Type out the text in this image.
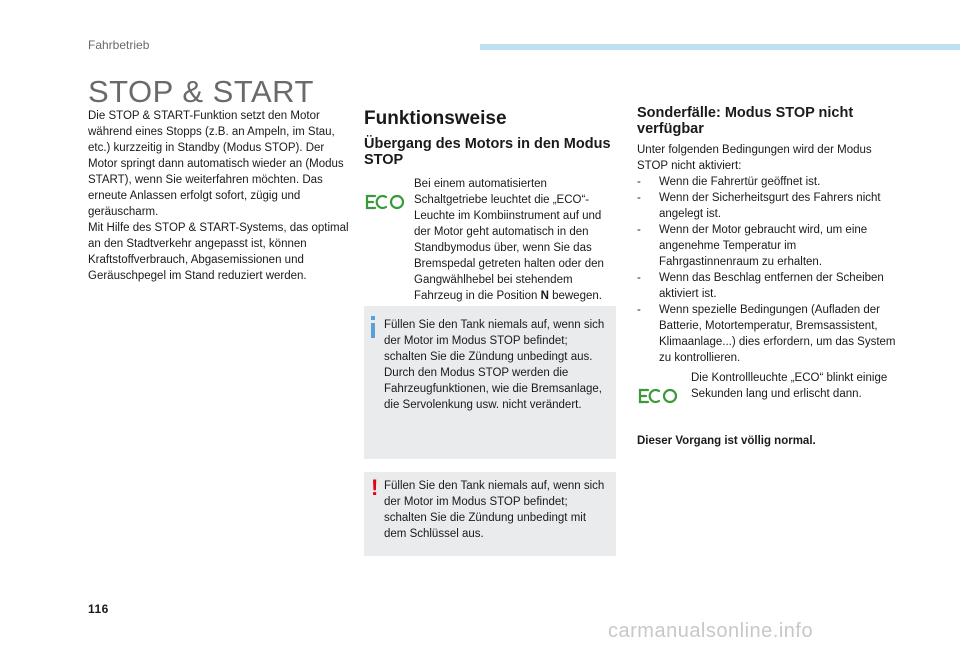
Fahrbetrieb
STOP & START

Die STOP & START-Funktion setzt den Motor während eines Stopps (z.B. an Ampeln, im Stau, etc.) kurzzeitig in Standby (Modus STOP). Der Motor springt dann automatisch wieder an (Modus START), wenn Sie weiterfahren möchten. Das erneute Anlassen erfolgt sofort, zügig und geräuscharm.

Mit Hilfe des STOP & START-Systems, das optimal an den Stadtverkehr angepasst ist, können Kraftstoffverbrauch, Abgasemissionen und Geräuschpegel im Stand reduziert werden.

Funktionsweise
Übergang des Motors in den Modus STOP
Bei einem automatisierten Schaltgetriebe leuchtet die „ECO“-Leuchte im Kombiinstrument auf und der Motor geht automatisch in den Standbymodus über, wenn Sie das Bremspedal getreten halten oder den Gangwählhebel bei stehendem Fahrzeug in die Position N bewegen.
Füllen Sie den Tank niemals auf, wenn sich der Motor im Modus STOP befindet; schalten Sie die Zündung unbedingt aus. Durch den Modus STOP werden die Fahrzeugfunktionen, wie die Bremsanlage, die Servolenkung usw. nicht verändert.
! Füllen Sie den Tank niemals auf, wenn sich der Motor im Modus STOP befindet; schalten Sie die Zündung unbedingt mit dem Schlüssel aus.
Sonderfälle: Modus STOP nicht verfügbar
Unter folgenden Bedingungen wird der Modus STOP nicht aktiviert:
-	Wenn die Fahrertür geöffnet ist.
-	Wenn der Sicherheitsgurt des Fahrers nicht angelegt ist.
-	Wenn der Motor gebraucht wird, um eine angenehme Temperatur im Fahrgastinnenraum zu erhalten.
-	Wenn das Beschlag entfernen der Scheiben aktiviert ist.
-	Wenn spezielle Bedingungen (Aufladen der Batterie, Motortemperatur, Bremsassistent, Klimaanlage...) dies erfordern, um das System zu kontrollieren.
Die Kontrollleuchte „ECO“ blinkt einige Sekunden lang und erlischt dann.
Dieser Vorgang ist völlig normal.
116
carmanualsonline.info
